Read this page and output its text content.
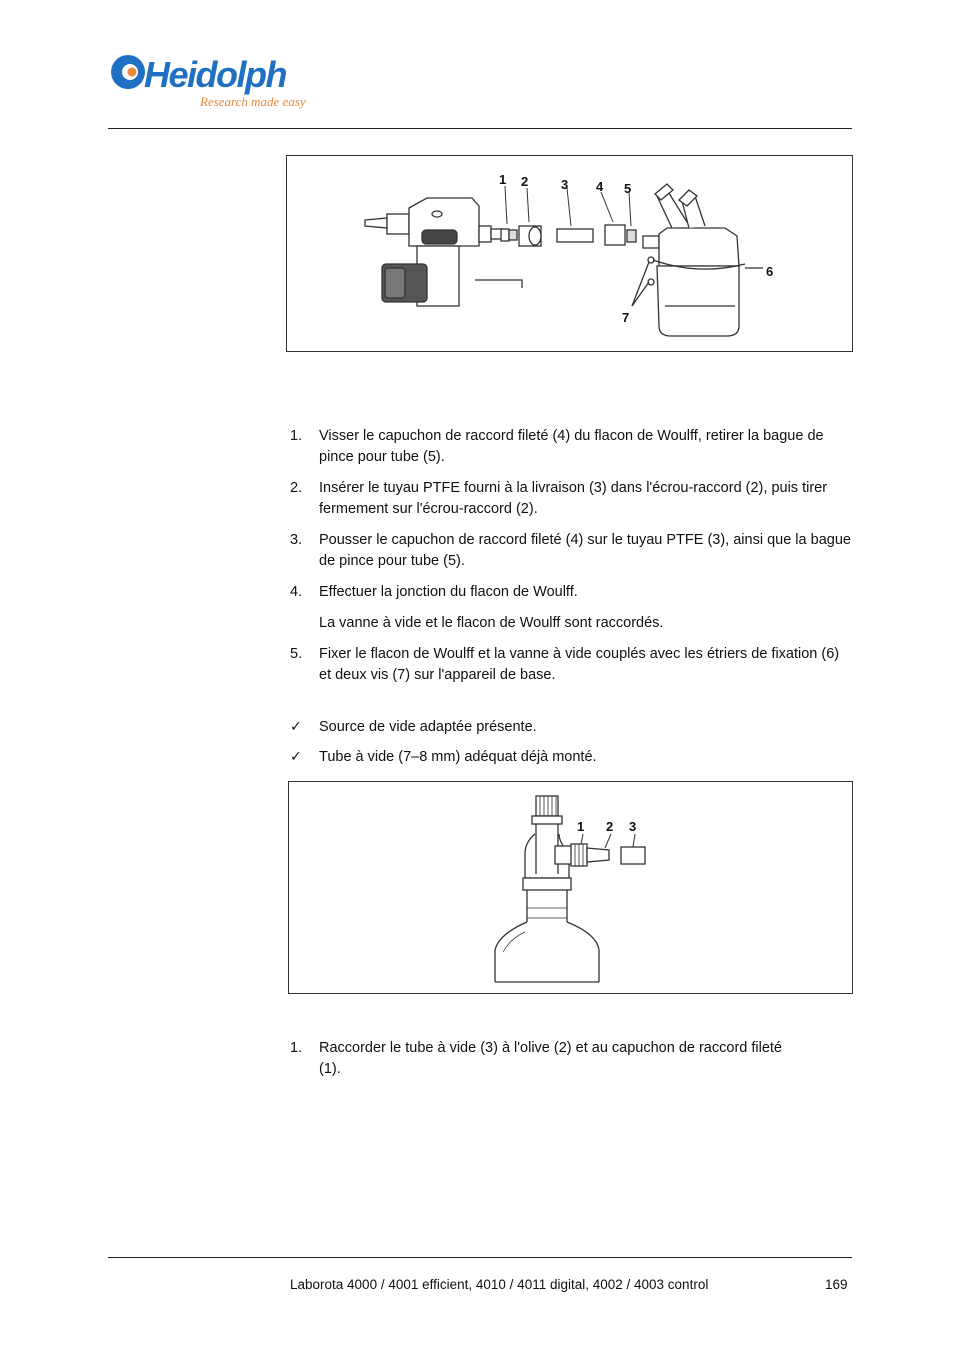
Heidolph
Research made easy
1 2	3 4 5
6
7
1.	Visser le capuchon de raccord fileté (4) du flacon de Woulff, retirer la bague de pince pour tube (5).
2.	Insérer le tuyau PTFE fourni à la livraison (3) dans l'écrou-raccord (2), puis tirer fermement sur l'écrou-raccord (2).
3.	Pousser le capuchon de raccord fileté (4) sur le tuyau PTFE (3), ainsi que la bague de pince pour tube (5).
4.	Effectuer la jonction du flacon de Woulff.
La vanne à vide et le flacon de Woulff sont raccordés.
5.	Fixer le flacon de Woulff et la vanne à vide couplés avec les étriers de fixation (6) et deux vis (7) sur l'appareil de base.
✓ Source de vide adaptée présente.
✓ Tube à vide (7–8 mm) adéquat déjà monté.
1 2 3
1.	Raccorder le tube à vide (3) à l'olive (2) et au capuchon de raccord fileté (1).
Laborota 4000 / 4001 efficient, 4010 / 4011 digital, 4002 / 4003 control	169
